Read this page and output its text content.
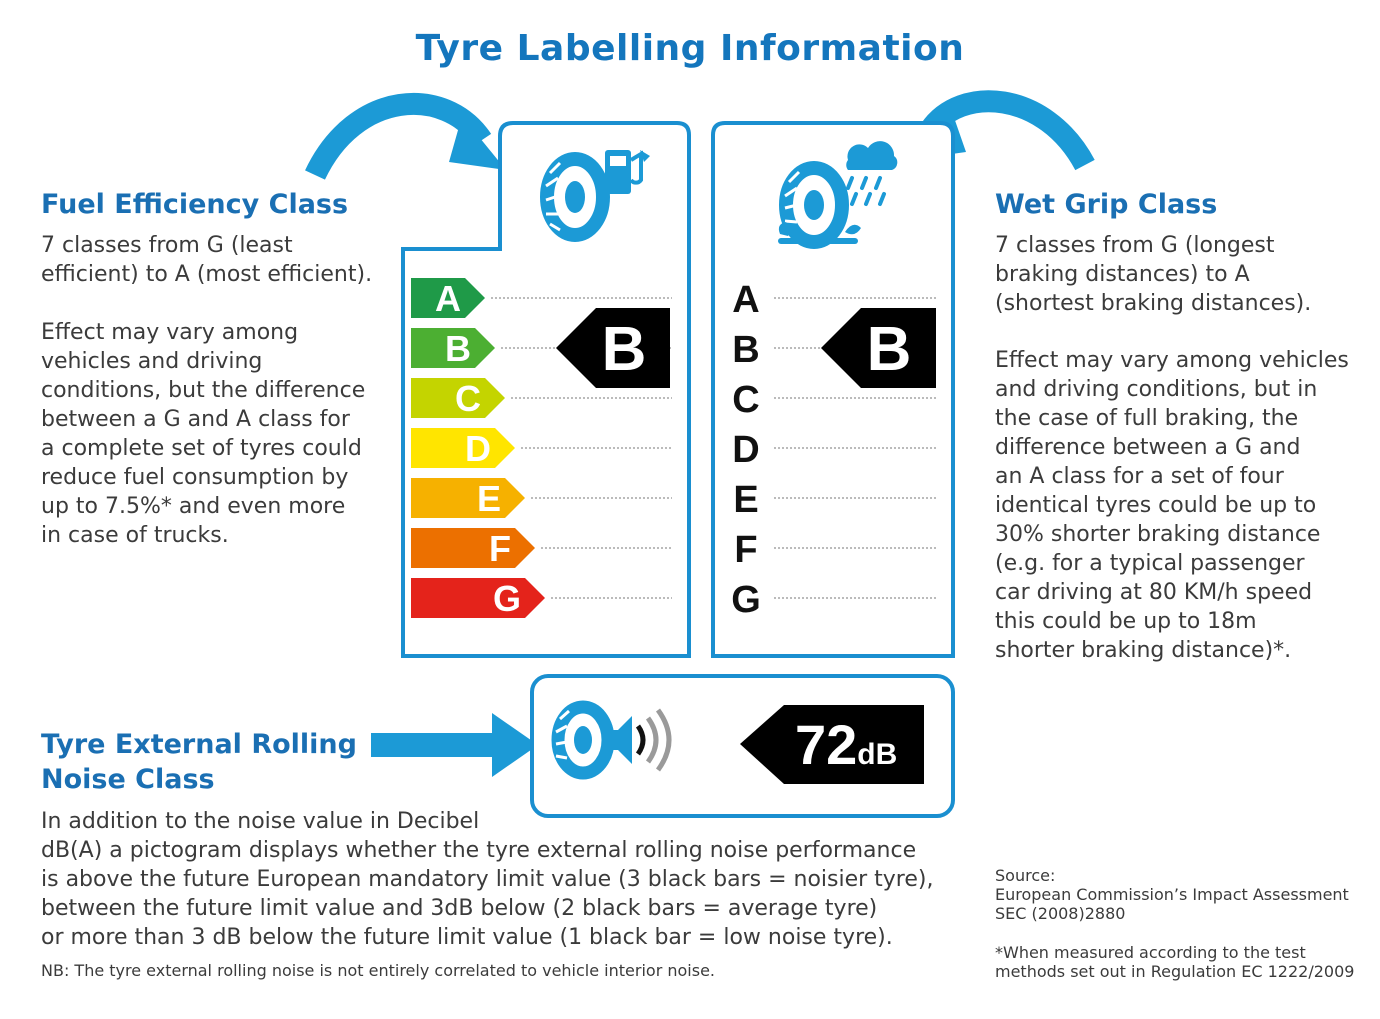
A
B
C
D
E
F
G
B
A
B
C
D
E
F
G
B
72dB
Tyre Labelling Information
Fuel Efficiency Class
7 classes from G (least
efficient) to A (most efficient).
Effect may vary among
vehicles and driving
conditions, but the difference
between a G and A class for
a complete set of tyres could
reduce fuel consumption by
up to 7.5%* and even more
in case of trucks.
Wet Grip Class
7 classes from G (longest
braking distances) to A
(shortest braking distances).
Effect may vary among vehicles
and driving conditions, but in
the case of full braking, the
difference between a G and
an A class for a set of four
identical tyres could be up to
30% shorter braking distance
(e.g. for a typical passenger
car driving at 80 KM/h speed
this could be up to 18m
shorter braking distance)*.
Tyre External Rolling
Noise Class
In addition to the noise value in Decibel
dB(A) a pictogram displays whether the tyre external rolling noise performance
is above the future European mandatory limit value (3 black bars = noisier tyre),
between the future limit value and 3dB below (2 black bars = average tyre)
or more than 3 dB below the future limit value (1 black bar = low noise tyre).
NB: The tyre external rolling noise is not entirely correlated to vehicle interior noise.
Source:
European Commission’s Impact Assessment
SEC (2008)2880
*When measured according to the test
methods set out in Regulation EC 1222/2009
